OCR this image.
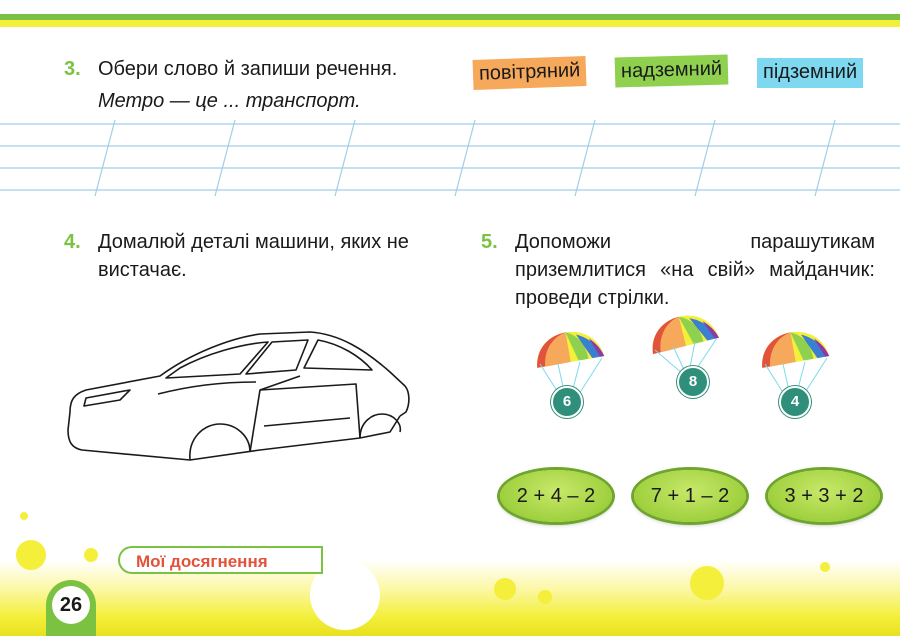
3. Обери слово й запиши речення.
Метро — це ... транспорт.
повітряний	надземний	підземний
4. Домалюй деталі машини, яких не вистачає.
5. Допоможи парашутикам приземлитися «на свій» майданчик: проведи стрілки.
6
8
4
2 + 4 – 2	7 + 1 – 2	3 + 3 + 2
Мої досягнення
26
